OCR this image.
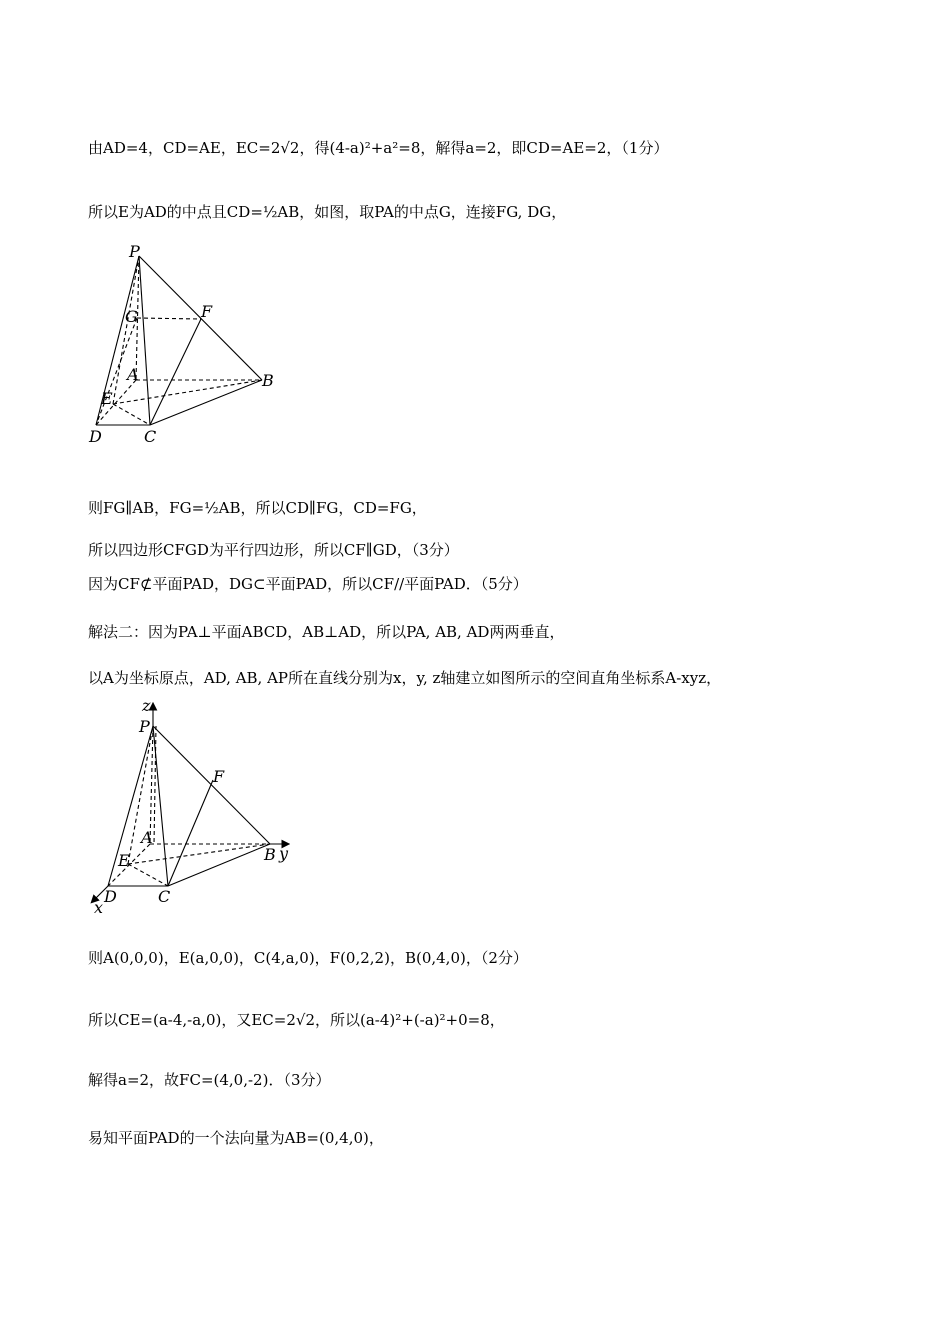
由AD=4，CD=AE，EC=2√2，得(4-a)²+a²=8，解得a=2，即CD=AE=2，（1分）
所以E为AD的中点且CD=½AB，如图，取PA的中点G，连接FG, DG，
P
G	F
A	B
E
D	C
则FG∥AB，FG=½AB，所以CD∥FG，CD=FG，
所以四边形CFGD为平行四边形，所以CF∥GD，（3分）
因为CF⊄平面PAD，DG⊂平面PAD，所以CF//平面PAD．（5分）
解法二：因为PA⊥平面ABCD，AB⊥AD，所以PA, AB, AD两两垂直，
以A为坐标原点，AD, AB, AP所在直线分别为x，y, z轴建立如图所示的空间直角坐标系A-xyz，
z
P
F
A
B y
E
D	C
x
则A(0,0,0)，E(a,0,0)，C(4,a,0)，F(0,2,2)，B(0,4,0)，（2分）
所以CE=(a-4,-a,0)，又EC=2√2，所以(a-4)²+(-a)²+0=8，
解得a=2，故FC=(4,0,-2)．（3分）
易知平面PAD的一个法向量为AB=(0,4,0)，
